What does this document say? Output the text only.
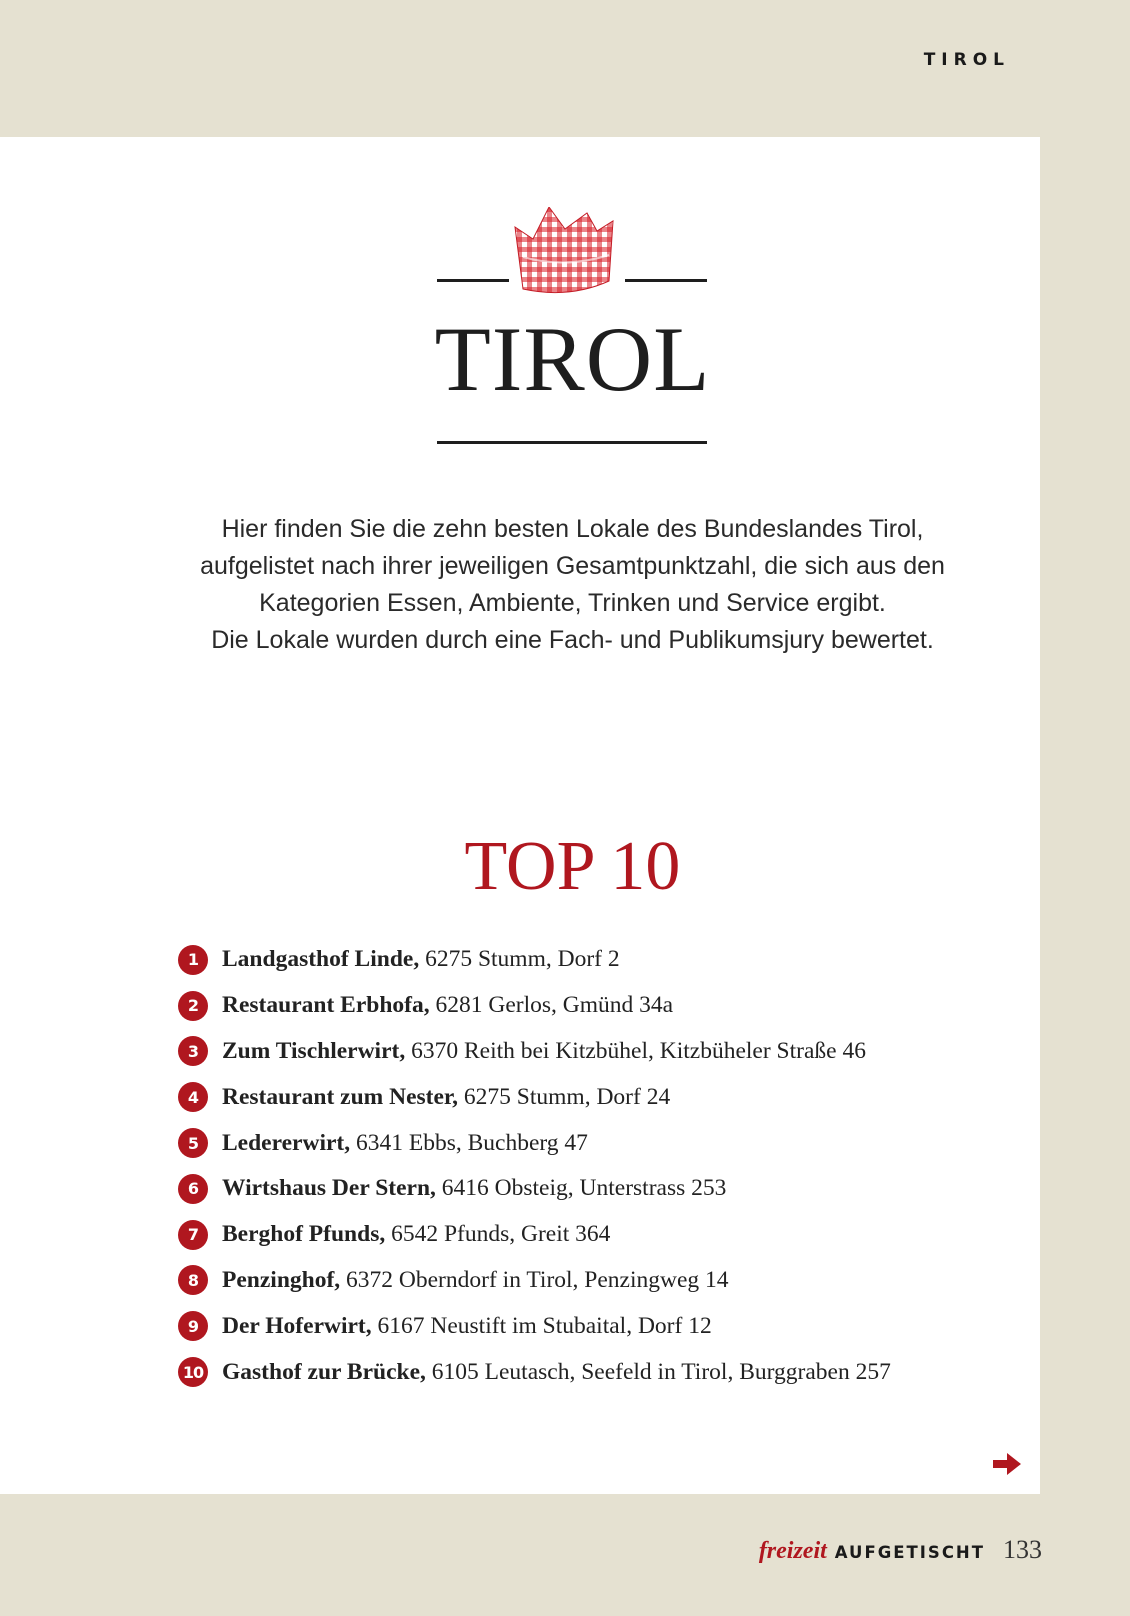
TIROL
TIROL
Hier finden Sie die zehn besten Lokale des Bundeslandes Tirol,
aufgelistet nach ihrer jeweiligen Gesamtpunktzahl, die sich aus den
Kategorien Essen, Ambiente, Trinken und Service ergibt.
Die Lokale wurden durch eine Fach- und Publikumsjury bewertet.
TOP 10
1	Landgasthof Linde, 6275 Stumm, Dorf 2
2	Restaurant Erbhofa, 6281 Gerlos, Gmünd 34a
3	Zum Tischlerwirt, 6370 Reith bei Kitzbühel, Kitzbüheler Straße 46
4	Restaurant zum Nester, 6275 Stumm, Dorf 24
5	Ledererwirt, 6341 Ebbs, Buchberg 47
6	Wirtshaus Der Stern, 6416 Obsteig, Unterstrass 253
7	Berghof Pfunds, 6542 Pfunds, Greit 364
8	Penzinghof, 6372 Oberndorf in Tirol, Penzingweg 14
9	Der Hoferwirt, 6167 Neustift im Stubaital, Dorf 12
10 Gasthof zur Brücke, 6105 Leutasch, Seefeld in Tirol, Burggraben 257
freizeit AUFGETISCHT 133
